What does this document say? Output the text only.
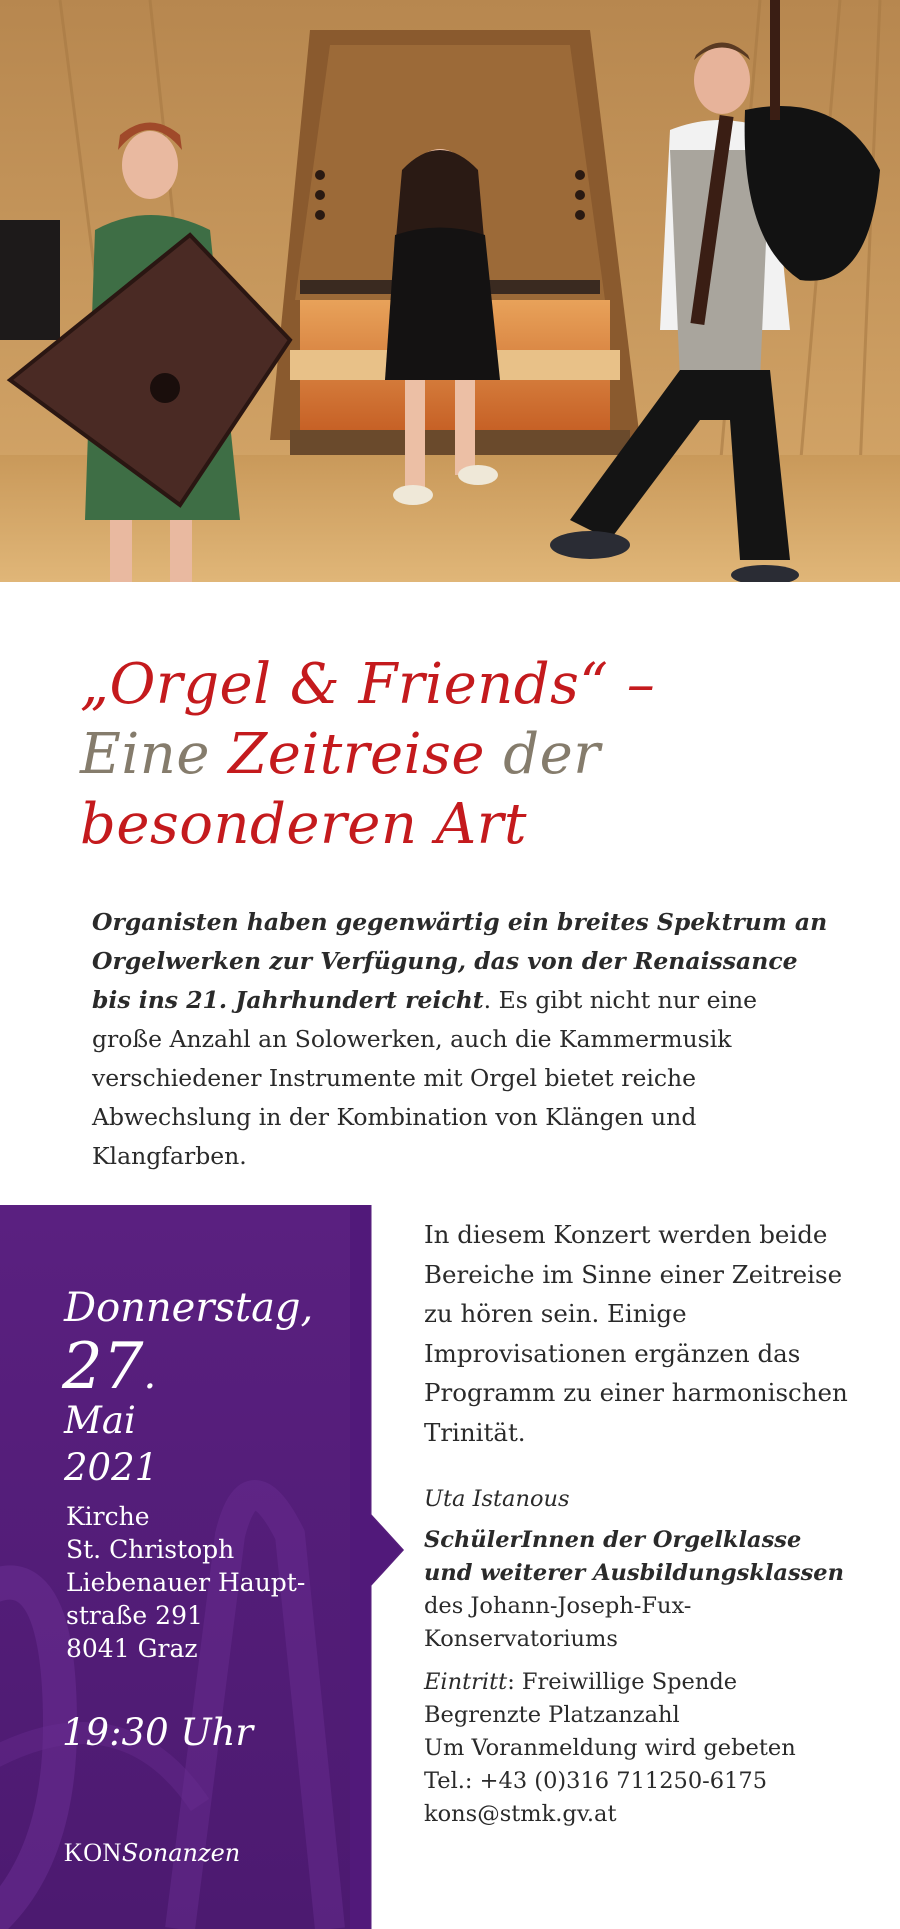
„Orgel & Friends“ –
Eine Zeitreise der
besonderen Art

Organisten haben gegenwärtig ein breites Spektrum an Orgelwerken zur Verfügung, das von der Renaissance bis ins 21. Jahrhundert reicht. Es gibt nicht nur eine große Anzahl an Solowerken, auch die Kammermusik verschiedener Instrumente mit Orgel bietet reiche Abwechslung in der Kombination von Klängen und Klangfarben.

Donnerstag,

27.

Mai

2021

Kirche
St. Christoph
Liebenauer Haupt-
straße 291
8041 Graz

19:30 Uhr

KONSonanzen

In diesem Konzert werden beide Bereiche im Sinne einer Zeitreise zu hören sein. Einige Improvisationen ergänzen das Programm zu einer harmonischen Trinität.

Uta Istanous

SchülerInnen der Orgelklasse
und weiterer Ausbildungsklassen
des Johann-Joseph-Fux-
Konservatoriums

Eintritt: Freiwillige Spende
Begrenzte Platzanzahl
Um Voranmeldung wird gebeten
Tel.: +43 (0)316 711250-6175
kons@stmk.gv.at
